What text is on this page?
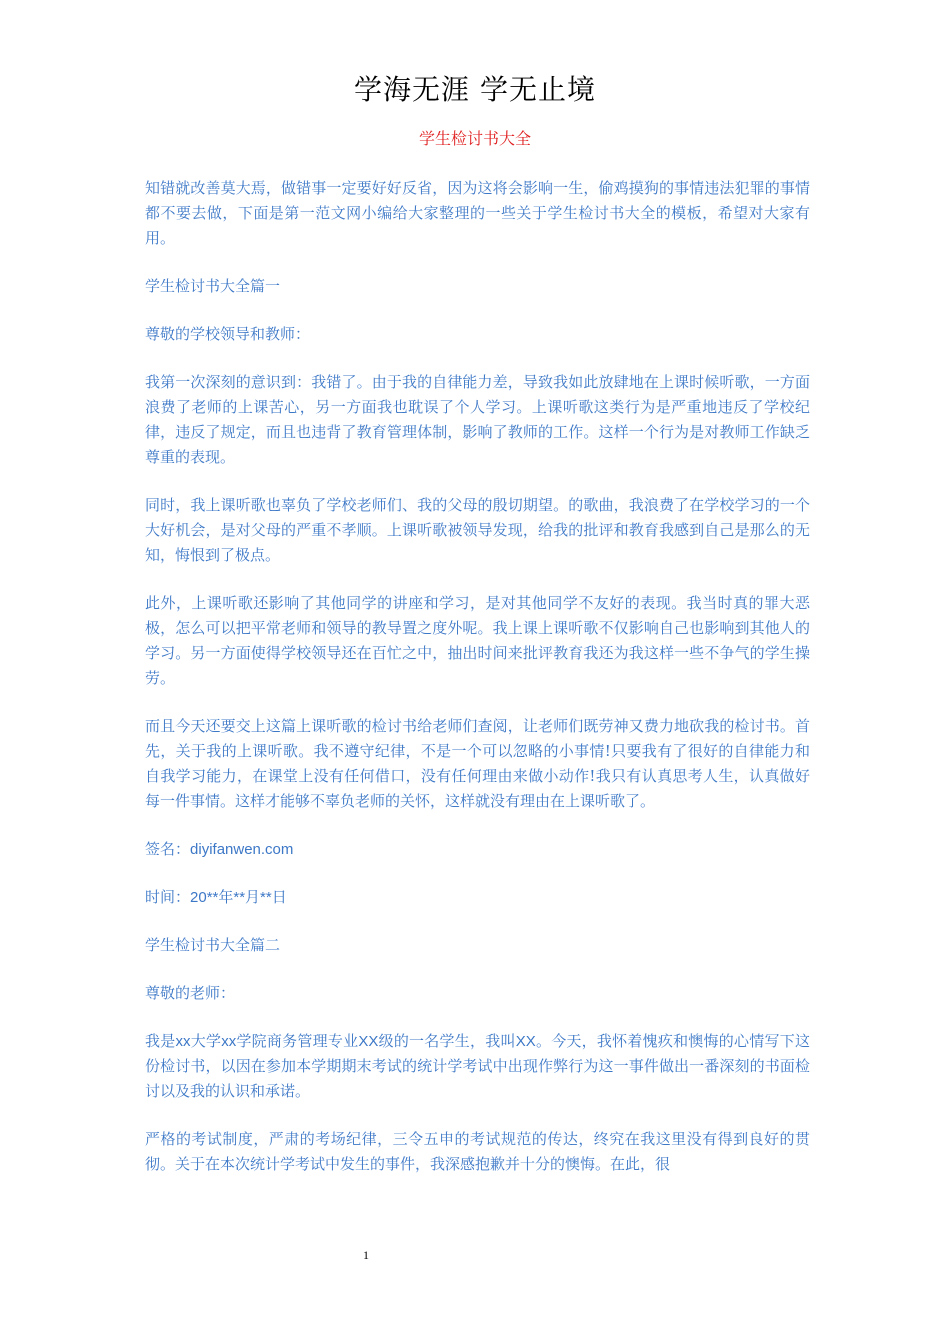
学海无涯 学无止境
学生检讨书大全

知错就改善莫大焉，做错事一定要好好反省，因为这将会影响一生，偷鸡摸狗的事情违法犯罪的事情都不要去做，下面是第一范文网小编给大家整理的一些关于学生检讨书大全的模板，希望对大家有用。

学生检讨书大全篇一

尊敬的学校领导和教师：

我第一次深刻的意识到：我错了。由于我的自律能力差，导致我如此放肆地在上课时候听歌，一方面浪费了老师的上课苦心，另一方面我也耽误了个人学习。上课听歌这类行为是严重地违反了学校纪律，违反了规定，而且也违背了教育管理体制，影响了教师的工作。这样一个行为是对教师工作缺乏尊重的表现。

同时，我上课听歌也辜负了学校老师们、我的父母的殷切期望。的歌曲，我浪费了在学校学习的一个大好机会，是对父母的严重不孝顺。上课听歌被领导发现，给我的批评和教育我感到自己是那么的无知，悔恨到了极点。

此外，上课听歌还影响了其他同学的讲座和学习，是对其他同学不友好的表现。我当时真的罪大恶极，怎么可以把平常老师和领导的教导置之度外呢。我上课上课听歌不仅影响自己也影响到其他人的学习。另一方面使得学校领导还在百忙之中，抽出时间来批评教育我还为我这样一些不争气的学生操劳。

而且今天还要交上这篇上课听歌的检讨书给老师们查阅，让老师们既劳神又费力地砍我的检讨书。首先，关于我的上课听歌。我不遵守纪律，不是一个可以忽略的小事情!只要我有了很好的自律能力和自我学习能力，在课堂上没有任何借口，没有任何理由来做小动作!我只有认真思考人生，认真做好每一件事情。这样才能够不辜负老师的关怀，这样就没有理由在上课听歌了。

签名：diyifanwen.com

时间：20**年**月**日

学生检讨书大全篇二

尊敬的老师：

我是xx大学xx学院商务管理专业XX级的一名学生，我叫XX。今天，我怀着愧疚和懊悔的心情写下这份检讨书，以因在参加本学期期末考试的统计学考试中出现作弊行为这一事件做出一番深刻的书面检讨以及我的认识和承诺。

严格的考试制度，严肃的考场纪律，三令五申的考试规范的传达，终究在我这里没有得到良好的贯彻。关于在本次统计学考试中发生的事件，我深感抱歉并十分的懊悔。在此，很

1
